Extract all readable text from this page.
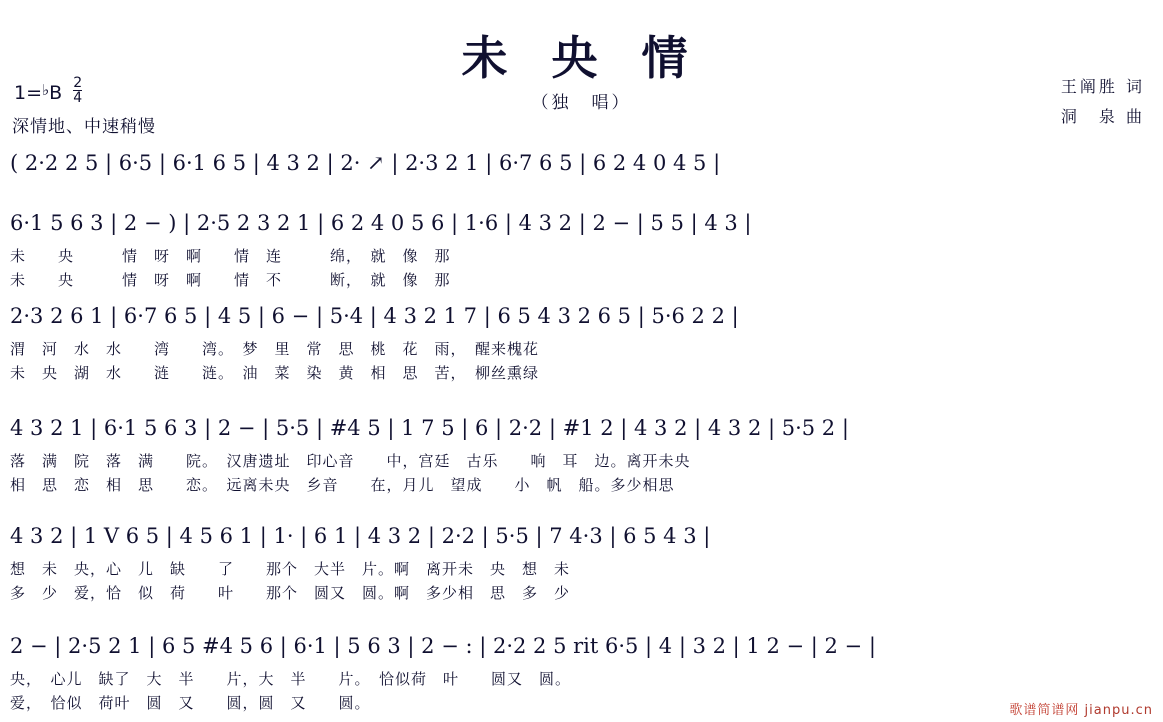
未 央 情
（独　唱）
$1=^♭B \frac{2}{4}$
深情地、中速稍慢
王阐胜 词
洞　泉 曲
( 2·2 2 5 | 6·5 | 6·1 6 5 | 4 3 2 | 2· ↗ | 2·3 2 1 | 6·7 6 5 | 6 2 4 0 4 5 |
6·1 5 6 3 | 2 − ) | 2·5 2 3 2 1 | 6 2 4 0 5 6 | 1·6 | 4 3 2 | 2 − | 5 5 | 4 3 |
未　　央　　　情　呀　啊　　情　连　　　绵，　就　像　那
未　　央　　　情　呀　啊　　情　不　　　断，　就　像　那
2·3 2 6 1 | 6·7 6 5 | 4 5 | 6 − | 5·4 | 4 3 2 1 7 | 6 5 4 3 2 6 5 | 5·6 2 2 |
渭　河　水　水　　湾　　湾。　梦　里　常　思　桃　花　雨，　醒来槐花
未　央　湖　水　　涟　　涟。　油　菜　染　黄　相　思　苦，　柳丝熏绿
4 3 2 1 | 6·1 5 6 3 | 2 − | 5·5 | #4 5 | 1 7 5 | 6 | 2·2 | #1 2 | 4 3 2 | 4 3 2 | 5·5 2 |
落　满　院　落　满　　院。　汉唐遗址　印心音　　中，宫廷　古乐　　响　耳　边。离开未央
相　思　恋　相　思　　恋。　远离未央　乡音　　在，月儿　望成　　小　帆　船。多少相思
4 3 2 | 1 V 6 5 | 4 5 6 1 | 1· | 6 1 | 4 3 2 | 2·2 | 5·5 | 7 4·3 | 6 5 4 3 |
想　未　央，心　儿　缺　　了　　那个　大半　片。啊　离开未　央　想　未　
多　少　爱，恰　似　荷　　叶　　那个　圆又　圆。啊　多少相　思　多　少　
2 − | 2·5 2 1 | 6 5 #4 5 6 | 6·1 | 5 6 3 | 2 − : | 2·2 2 5 rit 6·5 | 4 | 3 2 | 1 2 − | 2 − |
央，　心儿　缺了　大　半　　片，大　半　　片。　恰似荷　叶　　圆又　圆。
爱，　恰似　荷叶　圆　又　　圆，圆　又　　圆。	歌谱简谱网 jianpu.cn
